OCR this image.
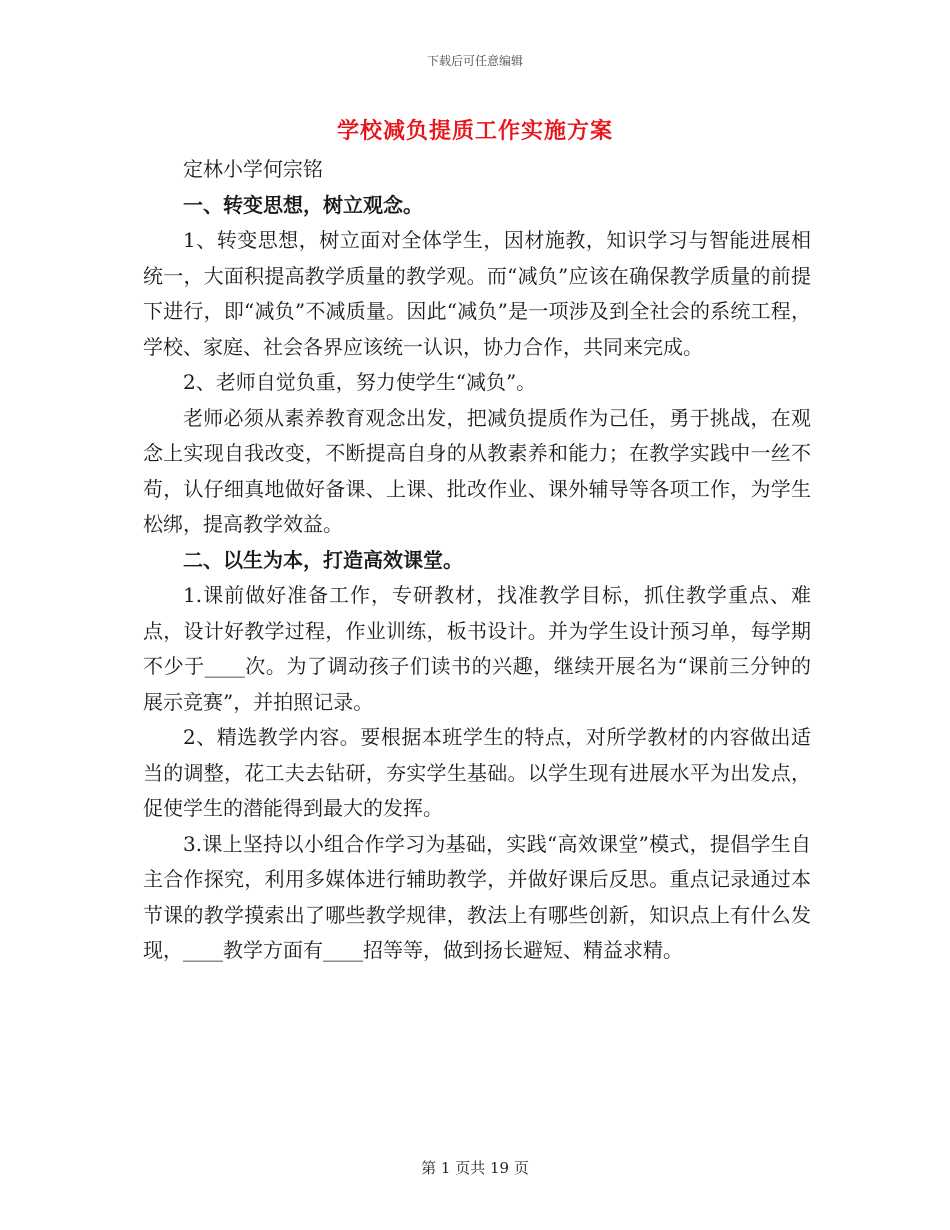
下载后可任意编辑
学校减负提质工作实施方案

定林小学何宗铭

一、转变思想，树立观念。

1、转变思想，树立面对全体学生，因材施教，知识学习与智能进展相统一，大面积提高教学质量的教学观。而“减负”应该在确保教学质量的前提下进行，即“减负”不减质量。因此“减负”是一项涉及到全社会的系统工程，学校、家庭、社会各界应该统一认识，协力合作，共同来完成。

2、老师自觉负重，努力使学生“减负”。

老师必须从素养教育观念出发，把减负提质作为己任，勇于挑战，在观念上实现自我改变，不断提高自身的从教素养和能力；在教学实践中一丝不苟，认仔细真地做好备课、上课、批改作业、课外辅导等各项工作，为学生松绑，提高教学效益。

二、以生为本，打造高效课堂。

1.课前做好准备工作，专研教材，找准教学目标，抓住教学重点、难点，设计好教学过程，作业训练，板书设计。并为学生设计预习单，每学期不少于____次。为了调动孩子们读书的兴趣，继续开展名为“课前三分钟的展示竞赛”，并拍照记录。

2、精选教学内容。要根据本班学生的特点，对所学教材的内容做出适当的调整，花工夫去钻研，夯实学生基础。以学生现有进展水平为出发点，促使学生的潜能得到最大的发挥。

3.课上坚持以小组合作学习为基础，实践“高效课堂”模式，提倡学生自主合作探究，利用多媒体进行辅助教学，并做好课后反思。重点记录通过本节课的教学摸索出了哪些教学规律，教法上有哪些创新，知识点上有什么发现，____教学方面有____招等等，做到扬长避短、精益求精。

第 1 页共 19 页
